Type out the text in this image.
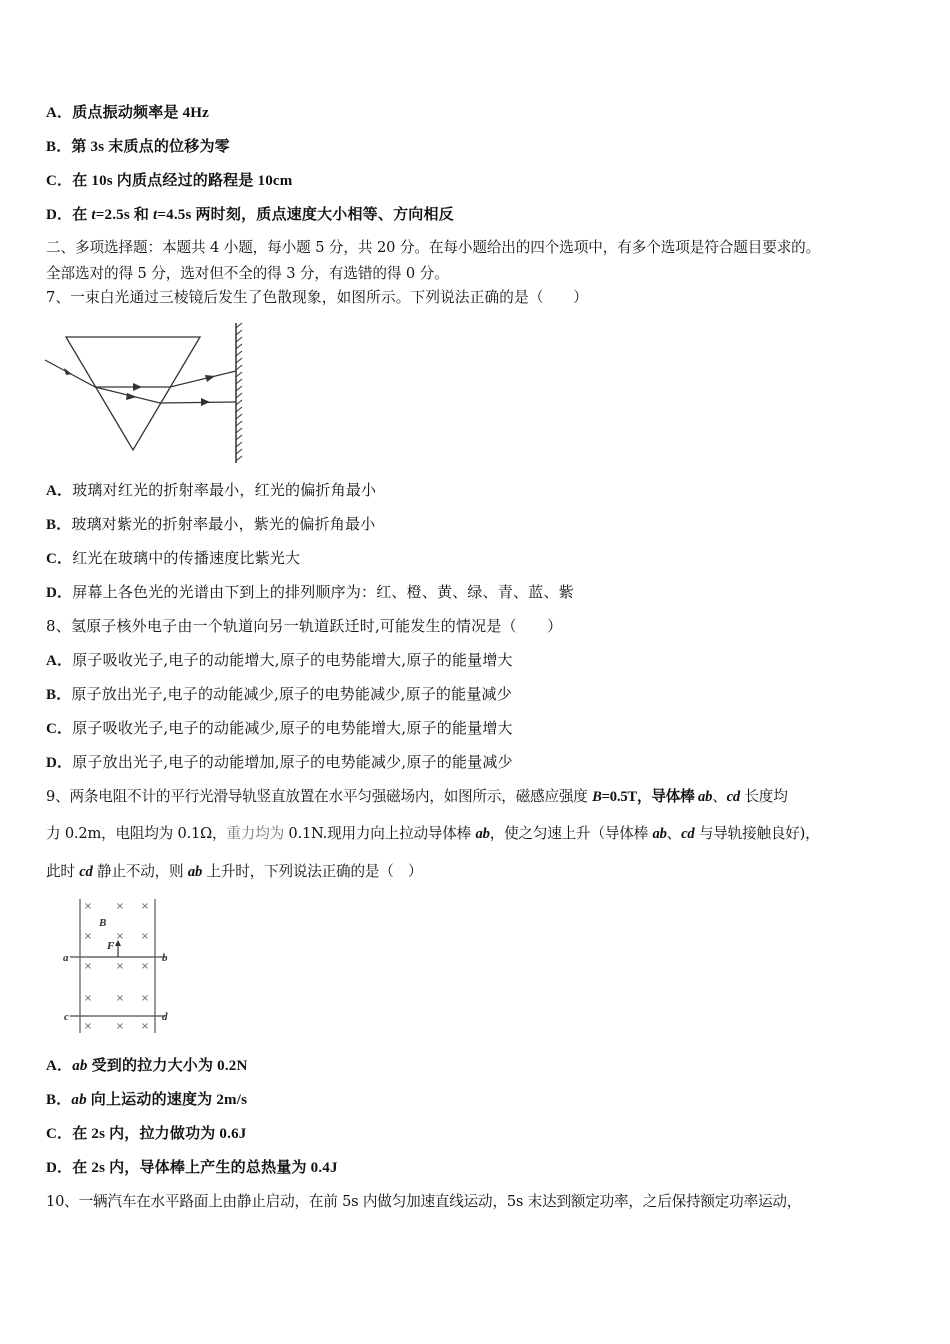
A．质点振动频率是 4Hz
B．第 3s 末质点的位移为零
C．在 10s 内质点经过的路程是 10cm
D．在 t=2.5s 和 t=4.5s 两时刻，质点速度大小相等、方向相反
二、多项选择题：本题共 4 小题，每小题 5 分，共 20 分。在每小题给出的四个选项中，有多个选项是符合题目要求的。
全部选对的得 5 分，选对但不全的得 3 分，有选错的得 0 分。
7、一束白光通过三棱镜后发生了色散现象，如图所示。下列说法正确的是（　　）
A．玻璃对红光的折射率最小，红光的偏折角最小
B．玻璃对紫光的折射率最小，紫光的偏折角最小
C．红光在玻璃中的传播速度比紫光大
D．屏幕上各色光的光谱由下到上的排列顺序为：红、橙、黄、绿、青、蓝、紫
8、氢原子核外电子由一个轨道向另一轨道跃迁时,可能发生的情况是（　　）
A．原子吸收光子,电子的动能增大,原子的电势能增大,原子的能量增大
B．原子放出光子,电子的动能减少,原子的电势能减少,原子的能量减少
C．原子吸收光子,电子的动能减少,原子的电势能增大,原子的能量增大
D．原子放出光子,电子的动能增加,原子的电势能减少,原子的能量减少
9、两条电阻不计的平行光滑导轨竖直放置在水平匀强磁场内，如图所示，磁感应强度 B=0.5T，导体棒 ab、cd 长度均
力 0.2m，电阻均为 0.1Ω，重力均为 0.1N.现用力向上拉动导体棒 ab，使之匀速上升（导体棒 ab、cd 与导轨接触良好)，
此时 cd 静止不动，则 ab 上升时，下列说法正确的是（　）
× × ×
× × ×
× × ×
× × ×
× × ×
B
F
a	b
c	d
A．ab 受到的拉力大小为 0.2N
B．ab 向上运动的速度为 2m/s
C．在 2s 内，拉力做功为 0.6J
D．在 2s 内，导体棒上产生的总热量为 0.4J
10、一辆汽车在水平路面上由静止启动，在前 5s 内做匀加速直线运动，5s 末达到额定功率，之后保持额定功率运动，
